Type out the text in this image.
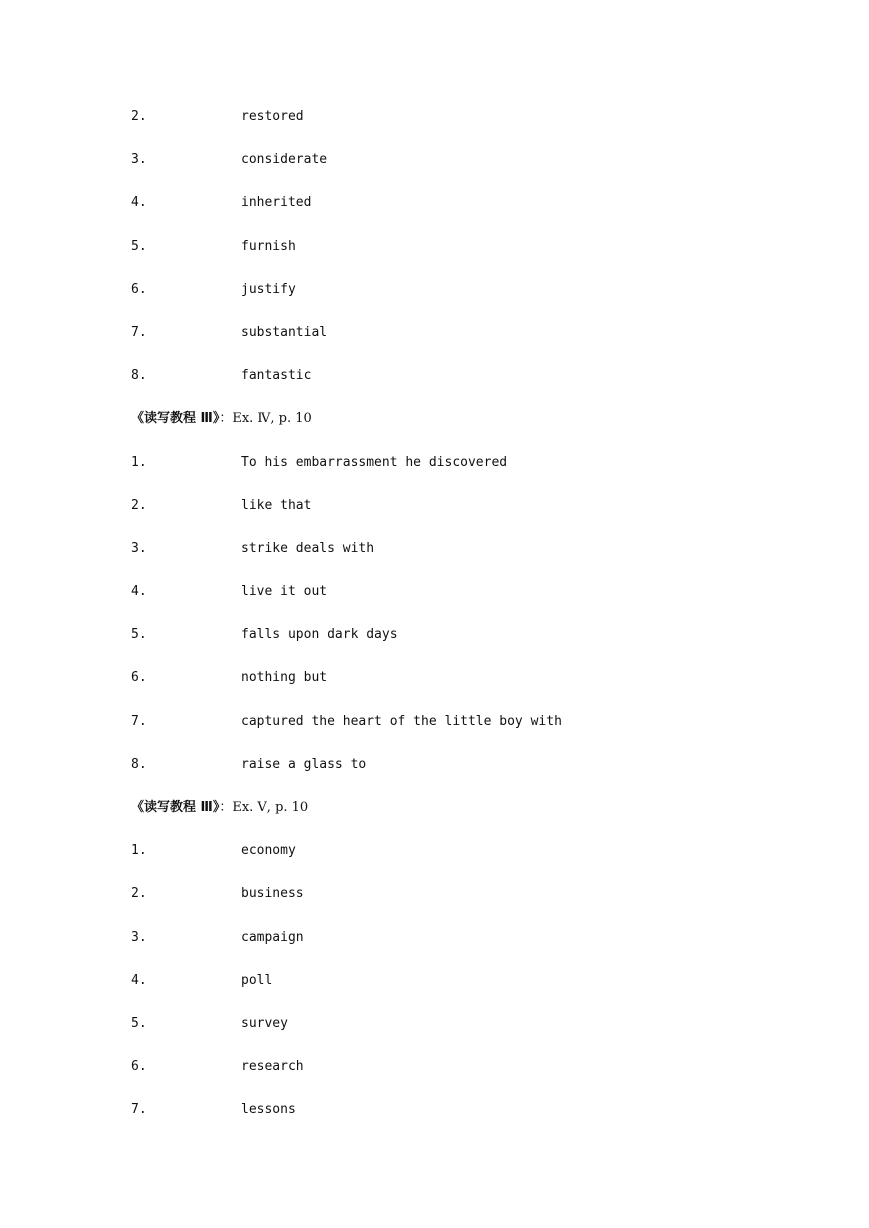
2.	restored
3.	considerate
4.	inherited
5.	furnish
6.	justify
7.	substantial
8.	fantastic
《读写教程 Ⅲ》：Ex. Ⅳ, p. 10
1.	To his embarrassment he discovered
2.	like that
3.	strike deals with
4.	live it out
5.	falls upon dark days
6.	nothing but
7.	captured the heart of the little boy with
8.	raise a glass to
《读写教程 Ⅲ》：Ex. Ⅴ, p. 10
1.	economy
2.	business
3.	campaign
4.	poll
5.	survey
6.	research
7.	lessons
